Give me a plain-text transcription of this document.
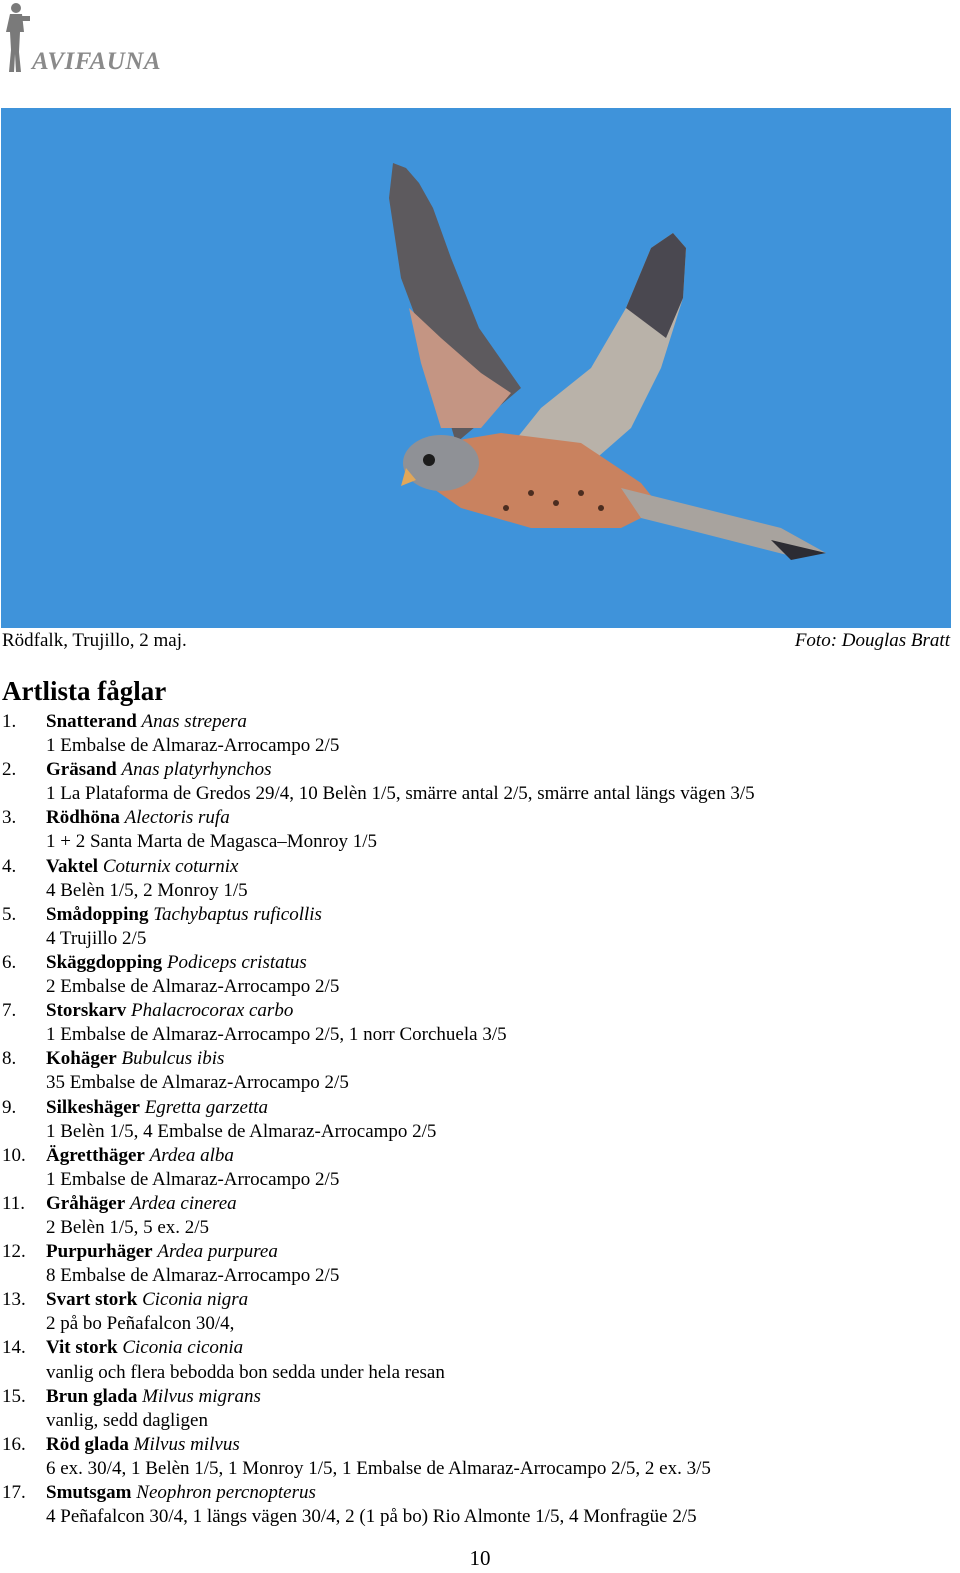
AVIFAUNA
Rödfalk, Trujillo, 2 maj.	Foto: Douglas Bratt
Artlista fåglar
1. Snatterand Anas strepera
1 Embalse de Almaraz-Arrocampo 2/5
2. Gräsand Anas platyrhynchos
1 La Plataforma de Gredos 29/4, 10 Belèn 1/5, smärre antal 2/5, smärre antal längs vägen 3/5
3. Rödhöna Alectoris rufa
1 + 2 Santa Marta de Magasca–Monroy 1/5
4. Vaktel Coturnix coturnix
4 Belèn 1/5, 2 Monroy 1/5
5. Smådopping Tachybaptus ruficollis
4 Trujillo 2/5
6. Skäggdopping Podiceps cristatus
2 Embalse de Almaraz-Arrocampo 2/5
7. Storskarv Phalacrocorax carbo
1 Embalse de Almaraz-Arrocampo 2/5, 1 norr Corchuela 3/5
8. Kohäger Bubulcus ibis
35 Embalse de Almaraz-Arrocampo 2/5
9. Silkeshäger Egretta garzetta
1 Belèn 1/5, 4 Embalse de Almaraz-Arrocampo 2/5
10. Ägretthäger Ardea alba
1 Embalse de Almaraz-Arrocampo 2/5
11. Gråhäger Ardea cinerea
2 Belèn 1/5, 5 ex. 2/5
12. Purpurhäger Ardea purpurea
8 Embalse de Almaraz-Arrocampo 2/5
13. Svart stork Ciconia nigra
2 på bo Peñafalcon 30/4,
14. Vit stork Ciconia ciconia
vanlig och flera bebodda bon sedda under hela resan
15. Brun glada Milvus migrans
vanlig, sedd dagligen
16. Röd glada Milvus milvus
6 ex. 30/4, 1 Belèn 1/5, 1 Monroy 1/5, 1 Embalse de Almaraz-Arrocampo 2/5, 2 ex. 3/5
17. Smutsgam Neophron percnopterus
4 Peñafalcon 30/4, 1 längs vägen 30/4, 2 (1 på bo) Rio Almonte 1/5, 4 Monfragüe 2/5
10
